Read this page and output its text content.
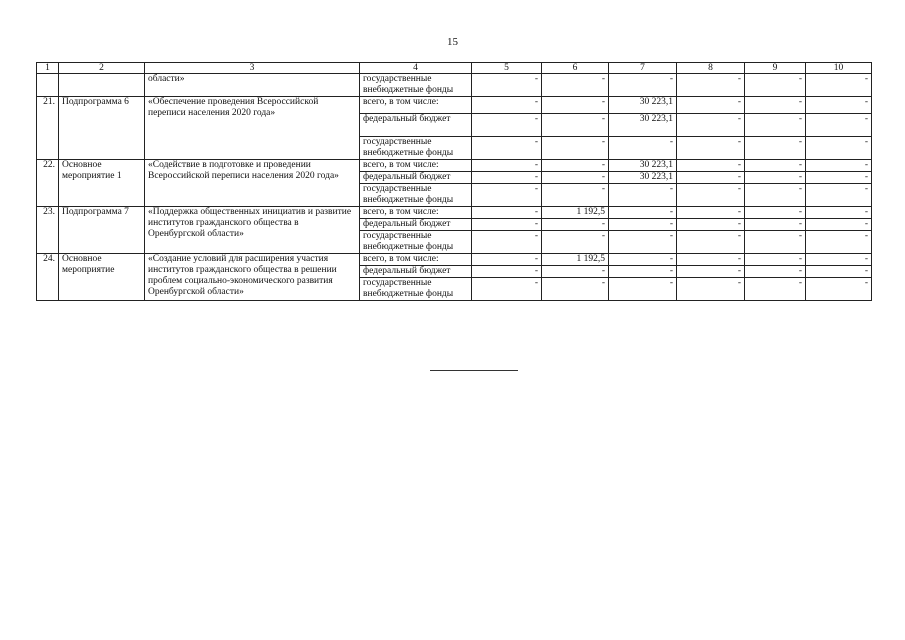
15
1	2	3	4	5	6	7	8	9	10
		области»	государственные внебюджетные фонды	-	-	-	-	-	-
21.	Подпрограмма 6	«Обеспечение проведения Всероссийской переписи населения 2020 года»	всего, в том числе:	-	-	30 223,1	-	-	-
			федеральный бюджет	-	-	30 223,1	-	-	-
			государственные внебюджетные фонды	-	-	-	-	-	-
22.	Основное мероприятие 1	«Содействие в подготовке и проведении Всероссийской переписи населения 2020 года»	всего, в том числе:	-	-	30 223,1	-	-	-
			федеральный бюджет	-	-	30 223,1	-	-	-
			государственные внебюджетные фонды	-	-	-	-	-	-
23.	Подпрограмма 7	«Поддержка общественных инициатив и развитие институтов гражданского общества в Оренбургской области»	всего, в том числе:	-	1 192,5	-	-	-	-
			федеральный бюджет	-	-	-	-	-	-
			государственные внебюджетные фонды	-	-	-	-	-	-
24.	Основное мероприятие	«Создание условий для расширения участия институтов гражданского общества в решении проблем социально-экономического развития Оренбургской области»	всего, в том числе:	-	1 192,5	-	-	-	-
			федеральный бюджет	-	-	-	-	-	-
			государственные внебюджетные фонды	-	-	-	-	-	-
